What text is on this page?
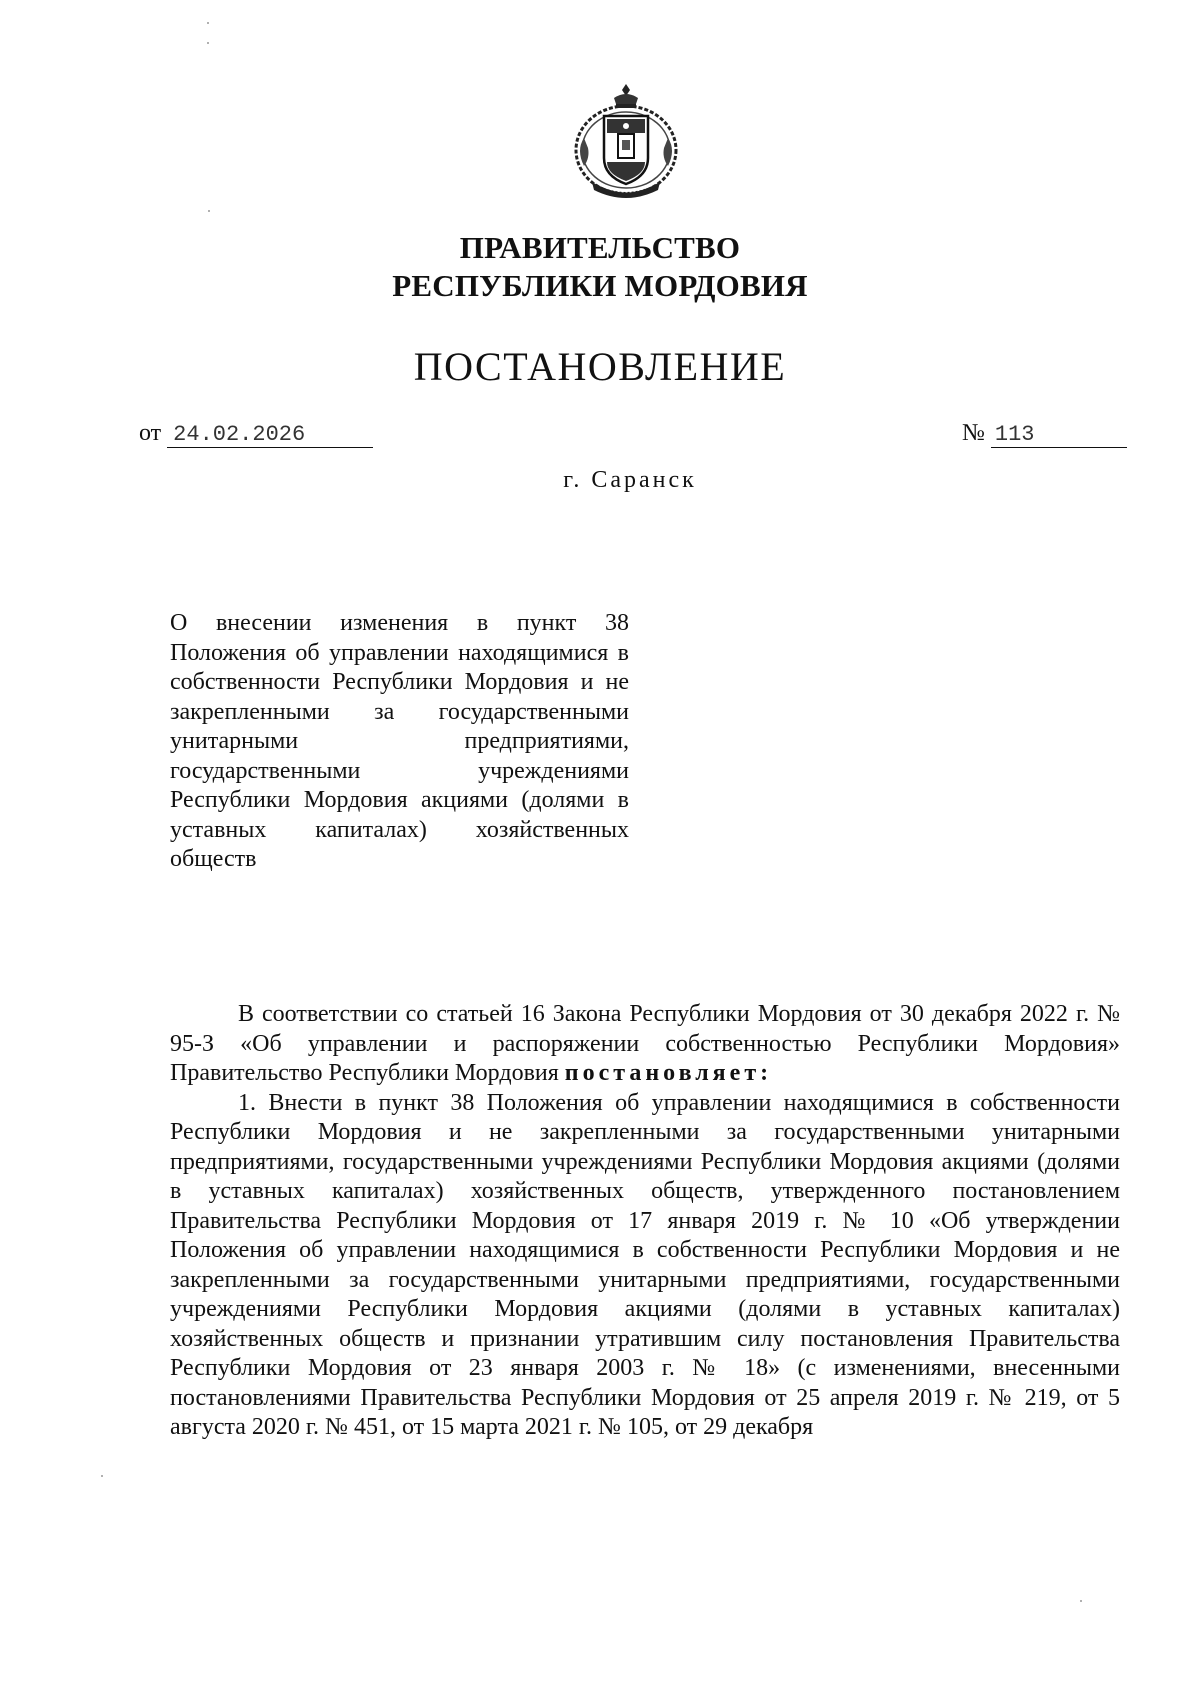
ПРАВИТЕЛЬСТВО
РЕСПУБЛИКИ МОРДОВИЯ
ПОСТАНОВЛЕНИЕ
от 24.02.2026	№ 113
г. Саранск
О внесении изменения в пункт 38 Положения об управлении находящимися в собственности Республики Мордовия и не закрепленными за государственными унитарными предприятиями, государственными учреждениями Республики Мордовия акциями (долями в уставных капиталах) хозяйственных обществ

В соответствии со статьей 16 Закона Республики Мордовия от 30 декабря 2022 г. № 95-З «Об управлении и распоряжении собственностью Республики Мордовия» Правительство Республики Мордовия постановляет:

1. Внести в пункт 38 Положения об управлении находящимися в собственности Республики Мордовия и не закрепленными за государственными унитарными предприятиями, государственными учреждениями Республики Мордовия акциями (долями в уставных капиталах) хозяйственных обществ, утвержденного постановлением Правительства Республики Мордовия от 17 января 2019 г. № 10 «Об утверждении Положения об управлении находящимися в собственности Республики Мордовия и не закрепленными за государственными унитарными предприятиями, государственными учреждениями Республики Мордовия акциями (долями в уставных капиталах) хозяйственных обществ и признании утратившим силу постановления Правительства Республики Мордовия от 23 января 2003 г. № 18» (с изменениями, внесенными постановлениями Правительства Республики Мордовия от 25 апреля 2019 г. № 219, от 5 августа 2020 г. № 451, от 15 марта 2021 г. № 105, от 29 декабря
